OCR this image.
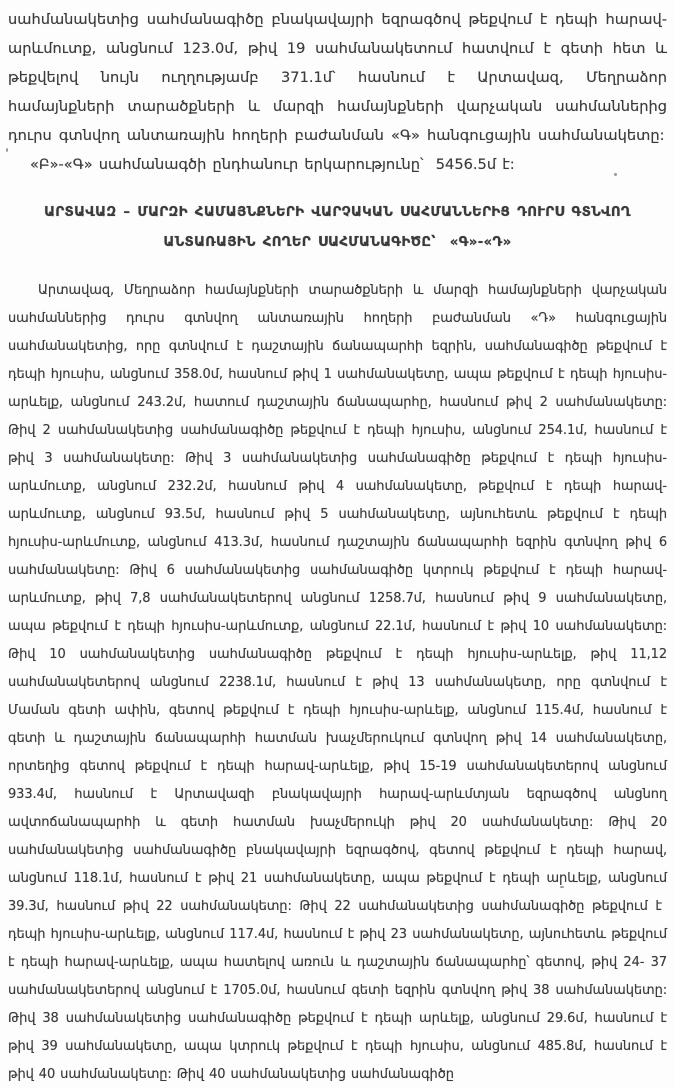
սահմանակետից սահմանագիծը բնակավայրի եզրագծով թեքվում է դեպի հարավ-արևմուտք, անցնում 123.0մ, թիվ 19 սահմանակետում հատվում է գետի հետ և թեքվելով նույն ուղղությամբ 371.1մ՝ հասնում է Արտավազ, Մեղրաձոր համայնքների տարածքների և մարզի համայնքների վարչական սահմաններից դուրս գտնվող անտառային հողերի բաժանման «Գ» հանգուցային սահմանակետը:

«Բ»-«Գ» սահմանագծի ընդհանուր երկարությունը՝  5456.5մ է:

ԱՐՏԱՎԱԶ – ՄԱՐԶԻ ՀԱՄԱՅՆՔՆԵՐԻ ՎԱՐՉԱԿԱՆ ՍԱՀՄԱՆՆԵՐԻՑ ԴՈՒՐՍ ԳՏՆՎՈՂ
ԱՆՏԱՌԱՅԻՆ ՀՈՂԵՐ ՍԱՀՄԱՆԱԳԻԾԸ՝  «Գ»-«Դ»

Արտավազ, Մեղրաձոր համայնքների տարածքների և մարզի համայնքների վարչական սահմաններից դուրս գտնվող անտառային հողերի բաժանման «Դ» հանգուցային սահմանակետից, որը գտնվում է դաշտային ճանապարհի եզրին, սահմանագիծը թեքվում է դեպի հյուսիս, անցնում 358.0մ, հասնում թիվ 1 սահմանակետը, ապա թեքվում է դեպի հյուսիս-արևելք, անցնում 243.2մ, հատում դաշտային ճանապարհը, հասնում թիվ 2 սահմանակետը: Թիվ 2 սահմանակետից սահմանագիծը թեքվում է դեպի հյուսիս, անցնում 254.1մ, հասնում է թիվ 3 սահմանակետը: Թիվ 3 սահմանակետից սահմանագիծը թեքվում է դեպի հյուսիս-արևմուտք, անցնում 232.2մ, հասնում թիվ 4 սահմանակետը, թեքվում է դեպի հարավ-արևմուտք, անցնում 93.5մ, հասնում թիվ 5 սահմանակետը, այնուհետև թեքվում է դեպի հյուսիս-արևմուտք, անցնում 413.3մ, հասնում դաշտային ճանապարհի եզրին գտնվող թիվ 6 սահմանակետը: Թիվ 6 սահմանակետից սահմանագիծը կտրուկ թեքվում է դեպի հարավ-արևմուտք, թիվ 7,8 սահմանակետերով անցնում 1258.7մ, հասնում թիվ 9 սահմանակետը, ապա թեքվում է դեպի հյուսիս-արևմուտք, անցնում 22.1մ, հասնում է թիվ 10 սահմանակետը: Թիվ 10 սահմանակետից սահմանագիծը թեքվում է դեպի հյուսիս-արևելք, թիվ 11,12 սահմանակետերով անցնում 2238.1մ, հասնում է թիվ 13 սահմանակետը, որը գտնվում է Մաման գետի ափին, գետով թեքվում է դեպի հյուսիս-արևելք, անցնում 115.4մ, հասնում է գետի և դաշտային ճանապարհի հատման խաչմերուկում գտնվող թիվ 14 սահմանակետը, որտեղից գետով թեքվում է դեպի հարավ-արևելք, թիվ 15-19 սահմանակետերով անցնում 933.4մ, հասնում է Արտավազի բնակավայրի հարավ-արևմտյան եզրագծով անցնող ավտոճանապարհի և գետի հատման խաչմերուկի թիվ 20 սահմանակետը: Թիվ 20 սահմանակետից սահմանագիծը բնակավայրի եզրագծով, գետով թեքվում է դեպի հարավ, անցնում 118.1մ, հասնում է թիվ 21 սահմանակետը, ապա թեքվում է դեպի արևելք, անցնում 39.3մ, հասնում թիվ 22 սահմանակետը: Թիվ 22 սահմանակետից սահմանագիծը թեքվում է  դեպի հյուսիս-արևելք, անցնում 117.4մ, հասնում է թիվ 23 սահմանակետը, այնուհետև թեքվում է դեպի հարավ-արևելք, ապա հատելով առուն և դաշտային ճանապարհը՝ գետով, թիվ 24- 37 սահմանակետերով անցնում է 1705.0մ, հասնում գետի եզրին գտնվող թիվ 38 սահմանակետը: Թիվ 38 սահմանակետից սահմանագիծը թեքվում է դեպի արևելք, անցնում 29.6մ, հասնում է թիվ 39 սահմանակետը, ապա կտրուկ թեքվում է դեպի հյուսիս, անցնում 485.8մ, հասնում է թիվ 40 սահմանակետը: Թիվ 40 սահմանակետից սահմանագիծը
